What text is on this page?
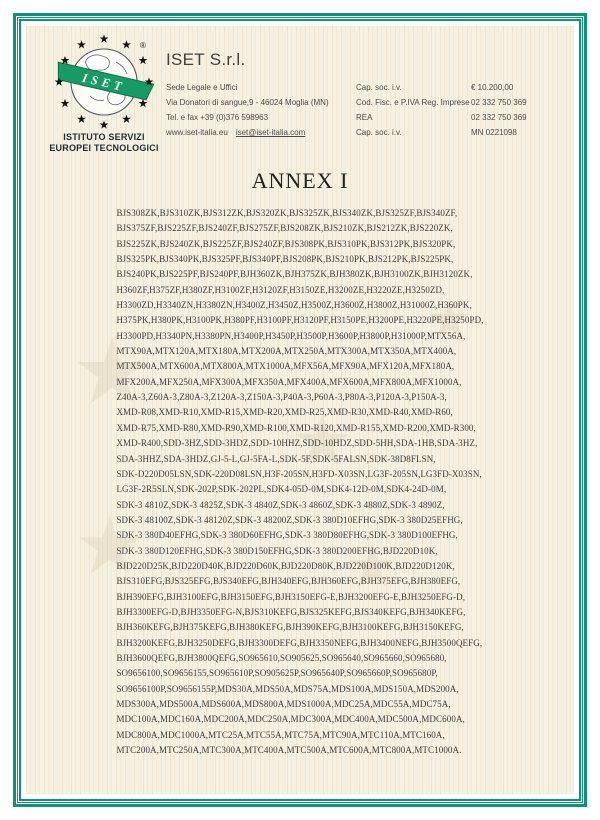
★
★
★	★
★
ISET
®
ISTITUTO SERVIZI
EUROPEI TECNOLOGICI
ISET S.r.l.
Sede Legale e Uffici
Via Donatori di sangue,9 - 46024 Moglia (MN)
Tel. e fax +39 (0)376 598963
www.iset-italia.eu iset@iset-italia.com
Cap. soc. i.v.	€ 10.200,00
Cod. Fisc. e P.IVA Reg. Imprese 02 332 750 369
REA	02 332 750 369
Cap. soc. i.v.	MN 0221098
ANNEX I
BJS308ZK,BJS310ZK,BJS312ZK,BJS320ZK,BJS325ZK,BJS340ZK,BJS325ZF,BJS340ZF,
BJS375ZF,BJS225ZF,BJS240ZF,BJS275ZF,BJS208ZK,BJS210ZK,BJS212ZK,BJS220ZK,
BJS225ZK,BJS240ZK,BJS225ZF,BJS240ZF,BJS308PK,BJS310PK,BJS312PK,BJS320PK,
BJS325PK,BJS340PK,BJS325PF,BJS340PF,BJS208PK,BJS210PK,BJS212PK,BJS225PK,
BJS240PK,BJS225PF,BJS240PF,BJH360ZK,BJH375ZK,BJH380ZK,BJH3100ZK,BJH3120ZK,
H360ZF,H375ZF,H380ZF,H3100ZF,H3120ZF,H3150ZE,H3200ZE,H3220ZE,H3250ZD,
H3300ZD,H3340ZN,H3380ZN,H3400Z,H3450Z,H3500Z,H3600Z,H3800Z,H31000Z,H360PK,
H375PK,H380PK,H3100PK,H380PF,H3100PF,H3120PF,H3150PE,H3200PE,H3220PE,H3250PD,
H3300PD,H3340PN,H3380PN,H3400P,H3450P,H3500P,H3600P,H3800P,H31000P,MTX56A,
MTX90A,MTX120A,MTX180A,MTX200A,MTX250A,MTX300A,MTX350A,MTX400A,
MTX500A,MTX600A,MTX800A,MTX1000A,MFX56A,MFX90A,MFX120A,MFX180A,
MFX200A,MFX250A,MFX300A,MFX350A,MFX400A,MFX600A,MFX800A,MFX1000A,
Z40A-3,Z60A-3,Z80A-3,Z120A-3,Z150A-3,P40A-3,P60A-3,P80A-3,P120A-3,P150A-3,
XMD-R08,XMD-R10,XMD-R15,XMD-R20,XMD-R25,XMD-R30,XMD-R40,XMD-R60,
XMD-R75,XMD-R80,XMD-R90,XMD-R100,XMD-R120,XMD-R155,XMD-R200,XMD-R300,
XMD-R400,SDD-3HZ,SDD-3HDZ,SDD-10HHZ,SDD-10HDZ,SDD-5HH,SDA-1HB,SDA-3HZ,
SDA-3HHZ,SDA-3HDZ,GJ-5-L,GJ-5FA-L,SDK-5F,SDK-5FALSN,SDK-38D8FLSN,
SDK-D220D05LSN,SDK-220D08LSN,H3F-205SN,H3FD-X03SN,LG3F-205SN,LG3FD-X03SN,
LG3F-2R5SLN,SDK-202P,SDK-202PL,SDK4-05D-0M,SDK4-12D-0M,SDK4-24D-0M,
SDK-3 4810Z,SDK-3 4825Z,SDK-3 4840Z,SDK-3 4860Z,SDK-3 4880Z,SDK-3 4890Z,
SDK-3 48100Z,SDK-3 48120Z,SDK-3 48200Z,SDK-3 380D10EFHG,SDK-3 380D25EFHG,
SDK-3 380D40EFHG,SDK-3 380D60EFHG,SDK-3 380D80EFHG,SDK-3 380D100EFHG,
SDK-3 380D120EFHG,SDK-3 380D150EFHG,SDK-3 380D200EFHG,BJD220D10K,
BJD220D25K,BJD220D40K,BJD220D60K,BJD220D80K,BJD220D100K,BJD220D120K,
BJS310EFG,BJS325EFG,BJS340EFG,BJH340EFG,BJH360EFG,BJH375EFG,BJH380EFG,
BJH390EFG,BJH3100EFG,BJH3150EFG,BJH3150EFG-E,BJH3200EFG-E,BJH3250EFG-D,
BJH3300EFG-D,BJH3350EFG-N,BJS310KEFG,BJS325KEFG,BJS340KEFG,BJH340KEFG,
BJH360KEFG,BJH375KEFG,BJH380KEFG,BJH390KEFG,BJH3100KEFG,BJH3150KEFG,
BJH3200KEFG,BJH3250DEFG,BJH3300DEFG,BJH3350NEFG,BJH3400NEFG,BJH3500QEFG,
BJH3600QEFG,BJH3800QEFG,SO965610,SO905625,SO965640,SO965660,SO965680,
SO9656100,SO9656155,SO965610P,SO905625P,SO965640P,SO965660P,SO965680P,
SO9656100P,SO9656155P,MDS30A,MDS50A,MDS75A,MDS100A,MDS150A,MDS200A,
MDS300A,MDS500A,MDS600A,MDS800A,MDS1000A,MDC25A,MDC55A,MDC75A,
MDC100A,MDC160A,MDC200A,MDC250A,MDC300A,MDC400A,MDC500A,MDC600A,
MDC800A,MDC1000A,MTC25A,MTC55A,MTC75A,MTC90A,MTC110A,MTC160A,
MTC200A,MTC250A,MTC300A,MTC400A,MTC500A,MTC600A,MTC800A,MTC1000A.
